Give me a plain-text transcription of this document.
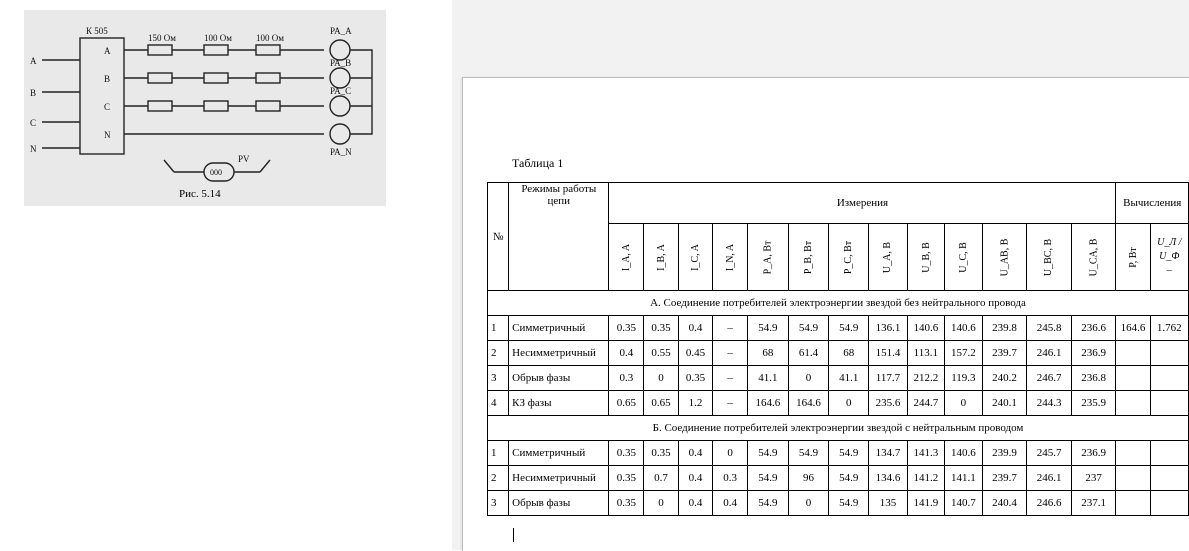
К 505
A
B
C
N
A
B
C
N
150 Ом	100 Ом	100 Ом
PA_A
PA_B
PA_C
PA_N
PV
000
Рис. 5.14
Таблица 1
№	Режимы работы цепи	Измерения													Вычисления	
		I_A, A	I_B, A	I_C, A	I_N, A	P_A, Вт	P_B, Вт	P_C, Вт	U_A, B	U_B, B	U_C, B	U_AB, B	U_BC, B	U_CA, B	P, Вт	U_Л / U_Ф
–

А. Соединение потребителей электроэнергии звездой без нейтрального провода																
1	Симметричный	0.35	0.35	0.4	–	54.9	54.9	54.9	136.1	140.6	140.6	239.8	245.8	236.6	164.6	1.762
2	Несимметричный	0.4	0.55	0.45	–	68	61.4	68	151.4	113.1	157.2	239.7	246.1	236.9		
3	Обрыв фазы	0.3	0	0.35	–	41.1	0	41.1	117.7	212.2	119.3	240.2	246.7	236.8		
4	КЗ фазы	0.65	0.65	1.2	–	164.6	164.6	0	235.6	244.7	0	240.1	244.3	235.9		
Б. Соединение потребителей электроэнергии звездой с нейтральным проводом																
1	Симметричный	0.35	0.35	0.4	0	54.9	54.9	54.9	134.7	141.3	140.6	239.9	245.7	236.9		
2	Несимметричный	0.35	0.7	0.4	0.3	54.9	96	54.9	134.6	141.2	141.1	239.7	246.1	237		
3	Обрыв фазы	0.35	0	0.4	0.4	54.9	0	54.9	135	141.9	140.7	240.4	246.6	237.1		
